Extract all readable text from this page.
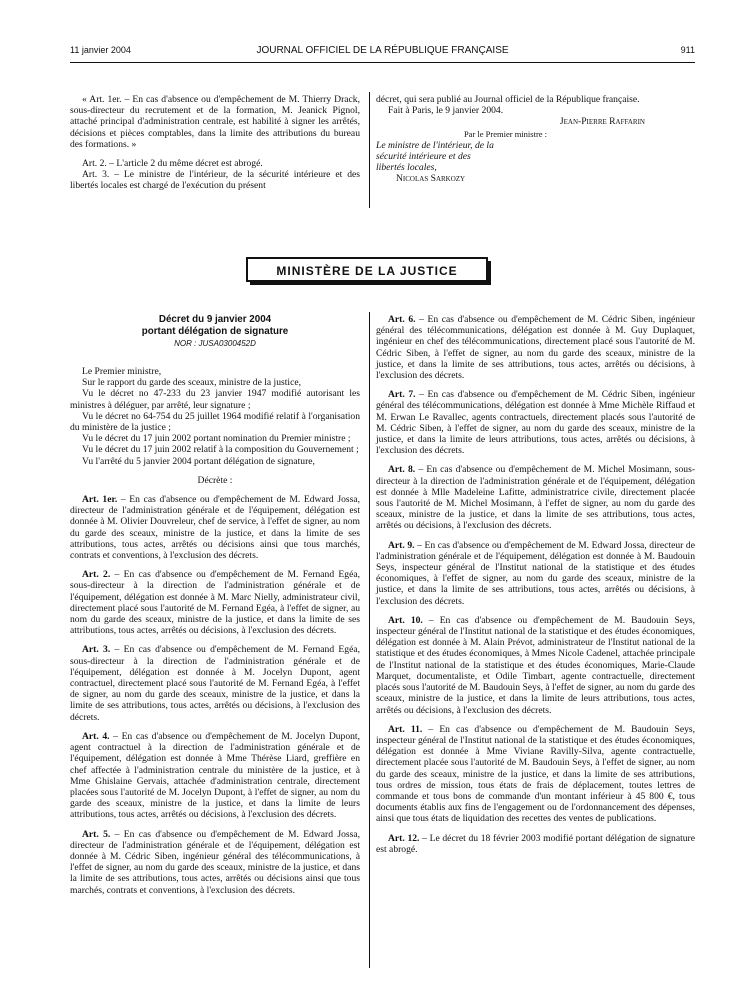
11 janvier 2004	JOURNAL OFFICIEL DE LA RÉPUBLIQUE FRANÇAISE	911

« Art. 1er. – En cas d'absence ou d'empêchement de M. Thierry Drack, sous-directeur du recrutement et de la formation, M. Jeanick Pignol, attaché principal d'administration centrale, est habilité à signer les arrêtés, décisions et pièces comptables, dans la limite des attributions du bureau des formations. »

Art. 2. – L'article 2 du même décret est abrogé.

Art. 3. – Le ministre de l'intérieur, de la sécurité intérieure et des libertés locales est chargé de l'exécution du présent

décret, qui sera publié au Journal officiel de la République française.

Fait à Paris, le 9 janvier 2004.

Jean-Pierre Raffarin

Par le Premier ministre :

Le ministre de l'intérieur, de la sécurité intérieure et des libertés locales,

Nicolas Sarkozy

MINISTÈRE DE LA JUSTICE
Décret du 9 janvier 2004
portant délégation de signature
NOR : JUSA0300452D

Le Premier ministre,

Sur le rapport du garde des sceaux, ministre de la justice,

Vu le décret no 47-233 du 23 janvier 1947 modifié autorisant les ministres à déléguer, par arrêté, leur signature ;

Vu le décret no 64-754 du 25 juillet 1964 modifié relatif à l'organisation du ministère de la justice ;

Vu le décret du 17 juin 2002 portant nomination du Premier ministre ;

Vu le décret du 17 juin 2002 relatif à la composition du Gouvernement ;

Vu l'arrêté du 5 janvier 2004 portant délégation de signature,

Décrète :

Art. 1er. – En cas d'absence ou d'empêchement de M. Edward Jossa, directeur de l'administration générale et de l'équipement, délégation est donnée à M. Olivier Douvreleur, chef de service, à l'effet de signer, au nom du garde des sceaux, ministre de la justice, et dans la limite de ses attributions, tous actes, arrêtés ou décisions ainsi que tous marchés, contrats et conventions, à l'exclusion des décrets.

Art. 2. – En cas d'absence ou d'empêchement de M. Fernand Egéa, sous-directeur à la direction de l'administration générale et de l'équipement, délégation est donnée à M. Marc Nielly, administrateur civil, directement placé sous l'autorité de M. Fernand Egéa, à l'effet de signer, au nom du garde des sceaux, ministre de la justice, et dans la limite de ses attributions, tous actes, arrêtés ou décisions, à l'exclusion des décrets.

Art. 3. – En cas d'absence ou d'empêchement de M. Fernand Egéa, sous-directeur à la direction de l'administration générale et de l'équipement, délégation est donnée à M. Jocelyn Dupont, agent contractuel, directement placé sous l'autorité de M. Fernand Egéa, à l'effet de signer, au nom du garde des sceaux, ministre de la justice, et dans la limite de ses attributions, tous actes, arrêtés ou décisions, à l'exclusion des décrets.

Art. 4. – En cas d'absence ou d'empêchement de M. Jocelyn Dupont, agent contractuel à la direction de l'administration générale et de l'équipement, délégation est donnée à Mme Thérèse Liard, greffière en chef affectée à l'administration centrale du ministère de la justice, et à Mme Ghislaine Gervais, attachée d'administration centrale, directement placées sous l'autorité de M. Jocelyn Dupont, à l'effet de signer, au nom du garde des sceaux, ministre de la justice, et dans la limite de leurs attributions, tous actes, arrêtés ou décisions, à l'exclusion des décrets.

Art. 5. – En cas d'absence ou d'empêchement de M. Edward Jossa, directeur de l'administration générale et de l'équipement, délégation est donnée à M. Cédric Siben, ingénieur général des télécommunications, à l'effet de signer, au nom du garde des sceaux, ministre de la justice, et dans la limite de ses attributions, tous actes, arrêtés ou décisions ainsi que tous marchés, contrats et conventions, à l'exclusion des décrets.

Art. 6. – En cas d'absence ou d'empêchement de M. Cédric Siben, ingénieur général des télécommunications, délégation est donnée à M. Guy Duplaquet, ingénieur en chef des télécommunications, directement placé sous l'autorité de M. Cédric Siben, à l'effet de signer, au nom du garde des sceaux, ministre de la justice, et dans la limite de ses attributions, tous actes, arrêtés ou décisions, à l'exclusion des décrets.

Art. 7. – En cas d'absence ou d'empêchement de M. Cédric Siben, ingénieur général des télécommunications, délégation est donnée à Mme Michèle Riffaud et M. Erwan Le Ravallec, agents contractuels, directement placés sous l'autorité de M. Cédric Siben, à l'effet de signer, au nom du garde des sceaux, ministre de la justice, et dans la limite de leurs attributions, tous actes, arrêtés ou décisions, à l'exclusion des décrets.

Art. 8. – En cas d'absence ou d'empêchement de M. Michel Mosimann, sous-directeur à la direction de l'administration générale et de l'équipement, délégation est donnée à Mlle Madeleine Lafitte, administratrice civile, directement placée sous l'autorité de M. Michel Mosimann, à l'effet de signer, au nom du garde des sceaux, ministre de la justice, et dans la limite de ses attributions, tous actes, arrêtés ou décisions, à l'exclusion des décrets.

Art. 9. – En cas d'absence ou d'empêchement de M. Edward Jossa, directeur de l'administration générale et de l'équipement, délégation est donnée à M. Baudouin Seys, inspecteur général de l'Institut national de la statistique et des études économiques, à l'effet de signer, au nom du garde des sceaux, ministre de la justice, et dans la limite de ses attributions, tous actes, arrêtés ou décisions, à l'exclusion des décrets.

Art. 10. – En cas d'absence ou d'empêchement de M. Baudouin Seys, inspecteur général de l'Institut national de la statistique et des études économiques, délégation est donnée à M. Alain Prévot, administrateur de l'Institut national de la statistique et des études économiques, à Mmes Nicole Cadenel, attachée principale de l'Institut national de la statistique et des études économiques, Marie-Claude Marquet, documentaliste, et Odile Timbart, agente contractuelle, directement placés sous l'autorité de M. Baudouin Seys, à l'effet de signer, au nom du garde des sceaux, ministre de la justice, et dans la limite de leurs attributions, tous actes, arrêtés ou décisions, à l'exclusion des décrets.

Art. 11. – En cas d'absence ou d'empêchement de M. Baudouin Seys, inspecteur général de l'Institut national de la statistique et des études économiques, délégation est donnée à Mme Viviane Ravilly-Silva, agente contractuelle, directement placée sous l'autorité de M. Baudouin Seys, à l'effet de signer, au nom du garde des sceaux, ministre de la justice, et dans la limite de ses attributions, tous ordres de mission, tous états de frais de déplacement, toutes lettres de commande et tous bons de commande d'un montant inférieur à 45 800 €, tous documents établis aux fins de l'engagement ou de l'ordonnancement des dépenses, ainsi que tous états de liquidation des recettes des ventes de publications.

Art. 12. – Le décret du 18 février 2003 modifié portant délégation de signature est abrogé.
